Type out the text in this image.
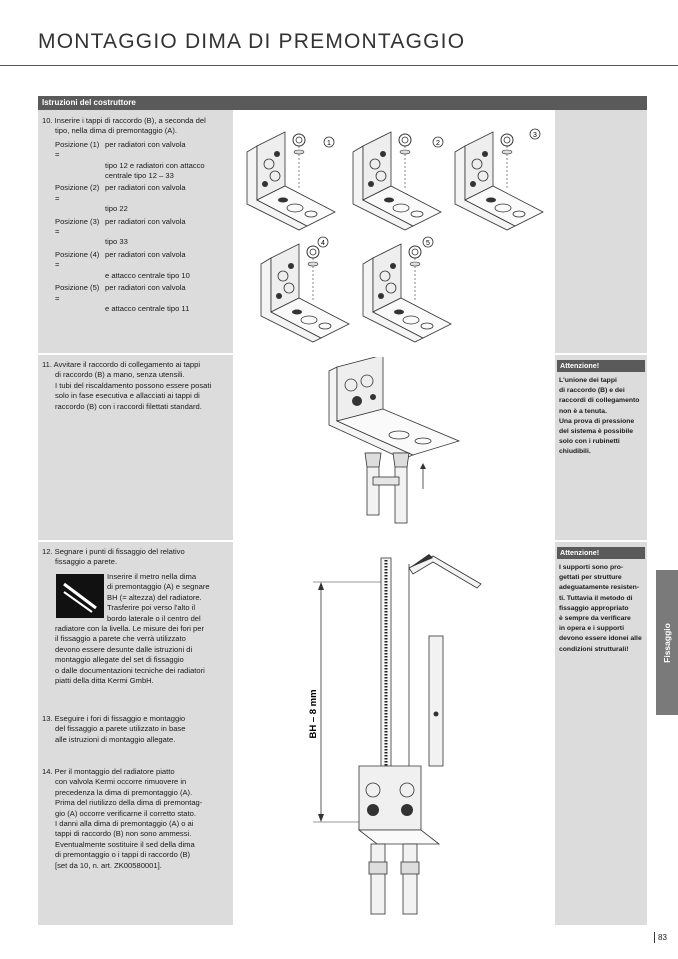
MONTAGGIO DIMA DI PREMONTAGGIO
Istruzioni del costruttore
10. Inserire i tappi di raccordo (B), a seconda del
tipo, nella dima di premontaggio (A).
Posizione (1) =
per radiatori con valvola
tipo 12 e radiatori con attacco
centrale tipo 12 – 33
Posizione (2) =
per radiatori con valvola
tipo 22
Posizione (3) =
per radiatori con valvola
tipo 33
Posizione (4) =
per radiatori con valvola
e attacco centrale tipo 10
Posizione (5) =
per radiatori con valvola
e attacco centrale tipo 11
1	2
3
4	5
11. Avvitare il raccordo di collegamento ai tappi
di raccordo (B) a mano, senza utensili.
I tubi del riscaldamento possono essere posati
solo in fase esecutiva e allacciati ai tappi di
raccordo (B) con i raccordi filettati standard.
Attenzione!
L'unione dei tappi
di raccordo (B) e dei
raccordi di collegamento
non è a tenuta.
Una prova di pressione
del sistema è possibile
solo con i rubinetti
chiudibili.
12. Segnare i punti di fissaggio del relativo
fissaggio a parete.
Inserire il metro nella dima
di premontaggio (A) e segnare
BH (= altezza) del radiatore.
Trasferire poi verso l'alto il
bordo laterale o il centro del
radiatore con la livella. Le misure dei fori per
il fissaggio a parete che verrà utilizzato
devono essere desunte dalle istruzioni di
montaggio allegate del set di fissaggio
o dalle documentazioni tecniche dei radiatori
piatti della ditta Kermi GmbH.
13. Eseguire i fori di fissaggio e montaggio
del fissaggio a parete utilizzato in base
alle istruzioni di montaggio allegate.
14. Per il montaggio del radiatore piatto
con valvola Kermi occorre rimuovere in
precedenza la dima di premontaggio (A).
Prima del riutilizzo della dima di premontag-
gio (A) occorre verificarne il corretto stato.
I danni alla dima di premontaggio (A) o ai
tappi di raccordo (B) non sono ammessi.
Eventualmente sostituire il sed della dima
di premontaggio o i tappi di raccordo (B)
[set da 10, n. art. ZK00580001].
BH – 8 mm
Attenzione!
I supporti sono pro-
gettati per strutture
adeguatamente resisten-
ti. Tuttavia il metodo di
fissaggio appropriato
è sempre da verificare
in opera e i supporti
devono essere idonei alle
condizioni strutturali!	Fissaggio
83
